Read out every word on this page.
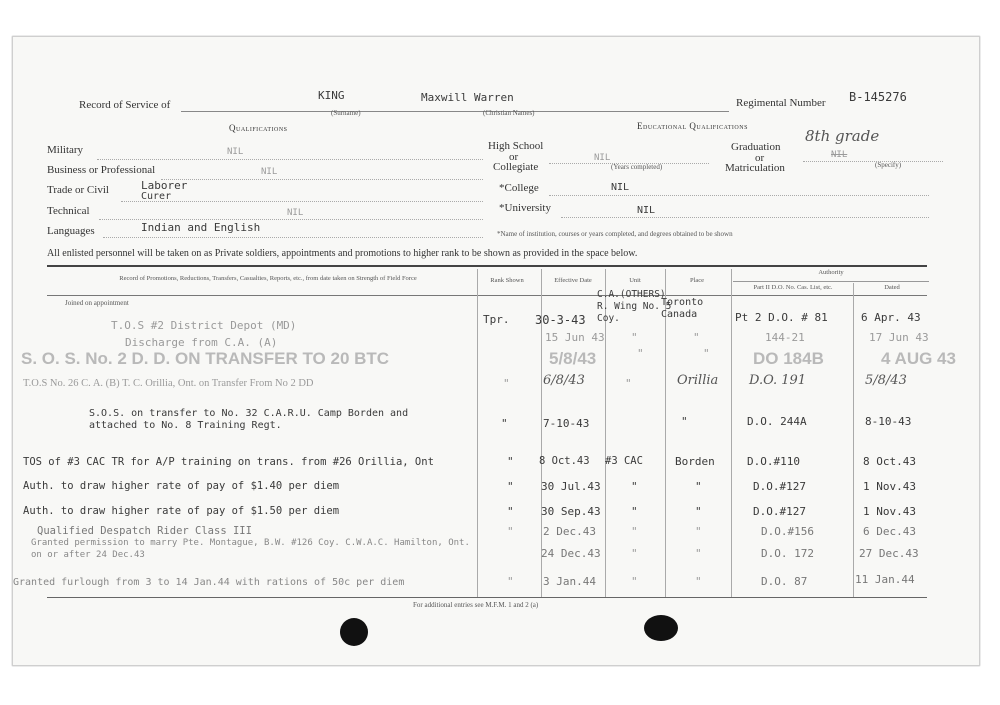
Record of Service of
KING
(Surname)
Maxwill Warren
(Christian Names)
Regimental Number B-145276
Qualifications	Educational Qualifications
Military	NIL
Business or Professional	NIL
Trade or Civil	Laborer
Curer
Technical	NIL
Languages	Indian and English
High School
or
Collegiate
NIL
(Years completed)
Graduation
or
Matriculation
8th grade
NIL
(Specify)
*College	NIL
*University	NIL
*Name of institution, courses or years completed, and degrees obtained to be shown
All enlisted personnel will be taken on as Private soldiers, appointments and promotions to higher rank to be shown as provided in the space below.
Record of Promotions, Reductions, Transfers, Casualties, Reports, etc., from date taken on Strength of Field Force	Rank Shown	Effective Date	Unit	Place
Authority
Part II D.O. No. Cas. List, etc.	Dated
Joined on appointment
T.O.S #2 District Depot (MD)	Tpr. 30-3-43
C.A.(OTHERS) R. Wing No. 5 Coy.
Toronto Canada	Pt 2 D.O. # 81	6 Apr. 43
Discharge from C.A. (A)	15 Jun 43 "	"	144-21	17 Jun 43
S. O. S. No. 2 D. D. ON TRANSFER TO 20 BTC	5/8/43	"	"	DO 184B	4 AUG 43
T.O.S No. 26 C. A. (B) T. C. Orillia, Ont. on Transfer From No 2 DD	"	6/8/43	"	Orillia D.O. 191	5/8/43
S.O.S. on transfer to No. 32 C.A.R.U. Camp Borden and attached to No. 8 Training Regt.	"	7-10-43	"	D.O. 244A	8-10-43
TOS of #3 CAC TR for A/P training on trans. from #26 Orillia, Ont	" 8 Oct.43 #3 CAC	Borden	D.O.#110	8 Oct.43
Auth. to draw higher rate of pay of $1.40 per diem	" 30 Jul.43	"	"	D.O.#127	1 Nov.43
Auth. to draw higher rate of pay of $1.50 per diem	" 30 Sep.43	"	"	D.O.#127	1 Nov.43
Qualified Despatch Rider Class III	"	2 Dec.43	"	"	D.O.#156	6 Dec.43
Granted permission to marry Pte. Montague, B.W. #126 Coy. C.W.A.C. Hamilton, Ont. on or after 24 Dec.43	24 Dec.43	"	"	D.O. 172	27 Dec.43
Granted furlough from 3 to 14 Jan.44 with rations of 50c per diem	"	3 Jan.44	"	"	D.O. 87	11 Jan.44
For additional entries see M.F.M. 1 and 2 (a)
